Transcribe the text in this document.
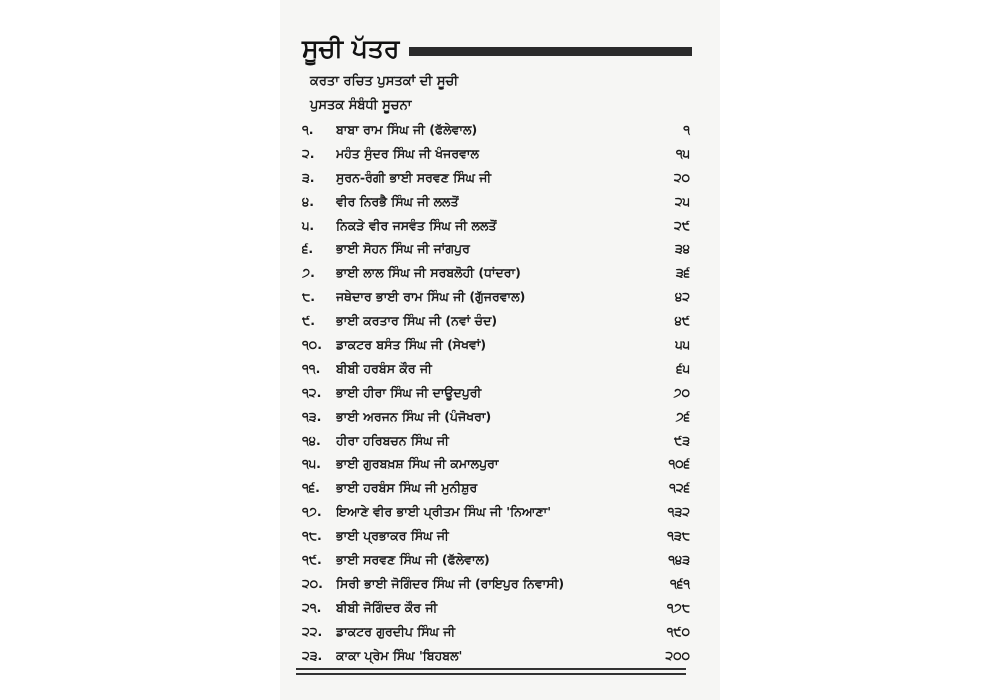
ਸੂਚੀ ਪੱਤਰ
ਕਰਤਾ ਰਚਿਤ ਪੁਸਤਕਾਂ ਦੀ ਸੂਚੀ
ਪੁਸਤਕ ਸੰਬੰਧੀ ਸੂਚਨਾ
੧.	ਬਾਬਾ ਰਾਮ ਸਿੰਘ ਜੀ (ਫੱਲੇਵਾਲ)	੧
੨.	ਮਹੰਤ ਸੁੰਦਰ ਸਿੰਘ ਜੀ ਖੰਜਰਵਾਲ	੧੫
੩.	ਸੁਰਨ-ਰੰਗੀ ਭਾਈ ਸਰਵਣ ਸਿੰਘ ਜੀ	੨੦
੪.	ਵੀਰ ਨਿਰਭੈ ਸਿੰਘ ਜੀ ਲਲਤੋਂ	੨੫
੫.	ਨਿਕੜੇ ਵੀਰ ਜਸਵੰਤ ਸਿੰਘ ਜੀ ਲਲਤੋਂ	੨੯
੬.	ਭਾਈ ਸੋਹਨ ਸਿੰਘ ਜੀ ਜਾਂਗਪੁਰ	੩੪
੭.	ਭਾਈ ਲਾਲ ਸਿੰਘ ਜੀ ਸਰਬਲੋਹੀ (ਧਾਂਦਰਾ)	੩੬
੮.	ਜਥੇਦਾਰ ਭਾਈ ਰਾਮ ਸਿੰਘ ਜੀ (ਗੁੱਜਰਵਾਲ)	੪੨
੯.	ਭਾਈ ਕਰਤਾਰ ਸਿੰਘ ਜੀ (ਨਵਾਂ ਚੰਦ)	੪੯
੧੦.	ਡਾਕਟਰ ਬਸੰਤ ਸਿੰਘ ਜੀ (ਸੇਖਵਾਂ)	੫੫
੧੧.	ਬੀਬੀ ਹਰਬੰਸ ਕੌਰ ਜੀ	੬੫
੧੨.	ਭਾਈ ਹੀਰਾ ਸਿੰਘ ਜੀ ਦਾਊਦਪੁਰੀ	੭੦
੧੩.	ਭਾਈ ਅਰਜਨ ਸਿੰਘ ਜੀ (ਪੰਜੋਖਰਾ)	੭੬
੧੪.	ਹੀਰਾ ਹਰਿਬਚਨ ਸਿੰਘ ਜੀ	੯੩
੧੫.	ਭਾਈ ਗੁਰਬਖ਼ਸ਼ ਸਿੰਘ ਜੀ ਕਮਾਲਪੁਰਾ	੧੦੬
੧੬.	ਭਾਈ ਹਰਬੰਸ ਸਿੰਘ ਜੀ ਮੁਨੀਸ਼ੁਰ	੧੨੬
੧੭.	ਇਆਣੇ ਵੀਰ ਭਾਈ ਪ੍ਰੀਤਮ ਸਿੰਘ ਜੀ 'ਨਿਆਣਾ'	੧੩੨
੧੮.	ਭਾਈ ਪ੍ਰਭਾਕਰ ਸਿੰਘ ਜੀ	੧੩੮
੧੯.	ਭਾਈ ਸਰਵਣ ਸਿੰਘ ਜੀ (ਫੱਲੇਵਾਲ)	੧੪੩
੨੦.	ਸਿਰੀ ਭਾਈ ਜੋਗਿੰਦਰ ਸਿੰਘ ਜੀ (ਰਾਇਪੁਰ ਨਿਵਾਸੀ)	੧੬੧
੨੧.	ਬੀਬੀ ਜੋਗਿੰਦਰ ਕੌਰ ਜੀ	੧੭੮
੨੨.	ਡਾਕਟਰ ਗੁਰਦੀਪ ਸਿੰਘ ਜੀ	੧੯੦
੨੩.	ਕਾਕਾ ਪ੍ਰੇਮ ਸਿੰਘ 'ਬਿਹਬਲ'	੨੦੦
